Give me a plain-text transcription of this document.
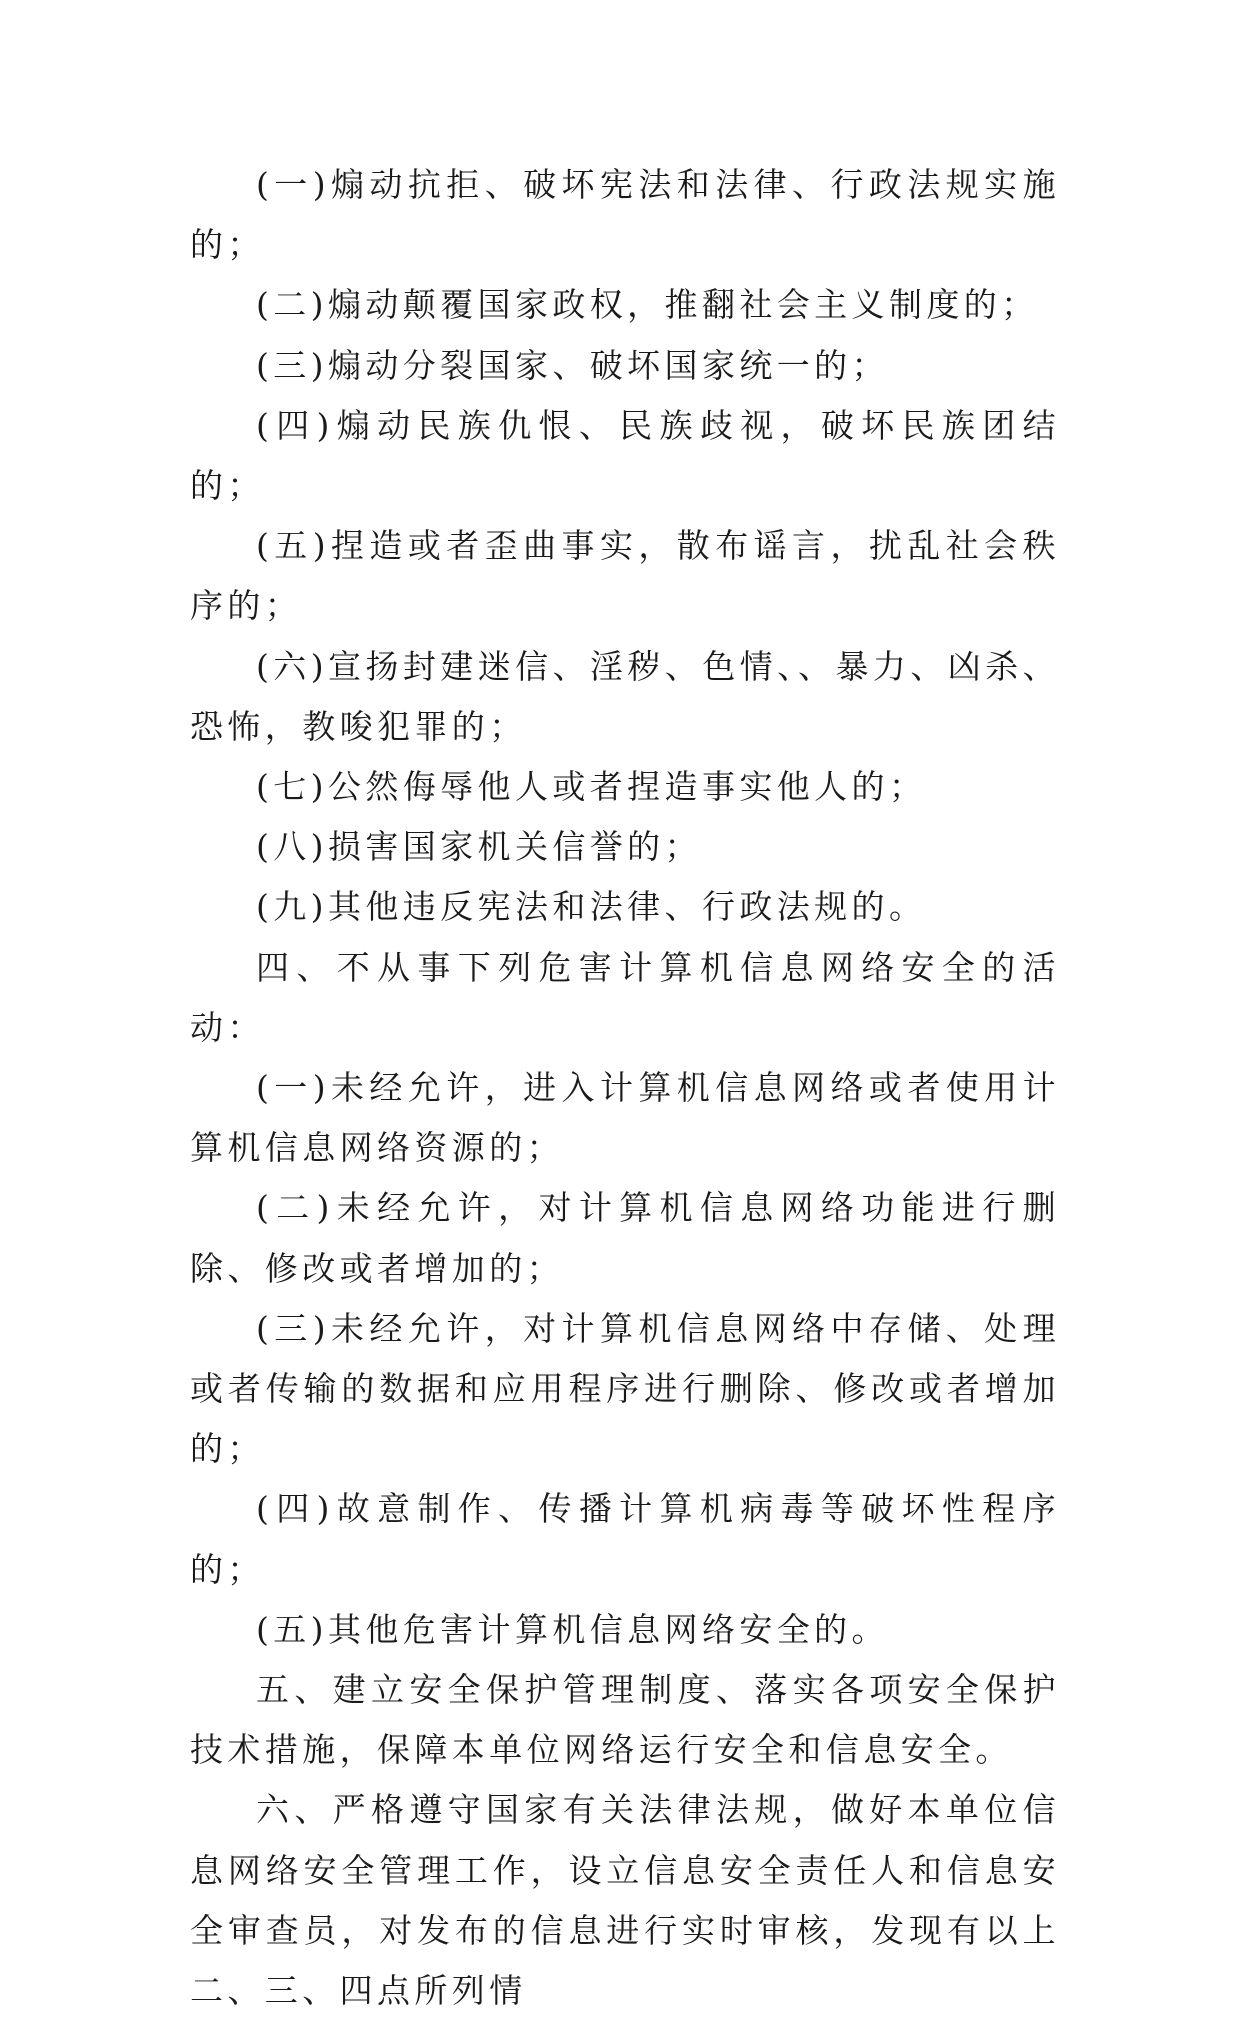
(一)煽动抗拒、破坏宪法和法律、行政法规实施的；

(二)煽动颠覆国家政权，推翻社会主义制度的；

(三)煽动分裂国家、破坏国家统一的；

(四)煽动民族仇恨、民族歧视，破坏民族团结的；

(五)捏造或者歪曲事实，散布谣言，扰乱社会秩序的；

(六)宣扬封建迷信、淫秽、色情、、暴力、凶杀、恐怖，教唆犯罪的；

(七)公然侮辱他人或者捏造事实他人的；

(八)损害国家机关信誉的；

(九)其他违反宪法和法律、行政法规的。

四、不从事下列危害计算机信息网络安全的活动：

(一)未经允许，进入计算机信息网络或者使用计算机信息网络资源的；

(二)未经允许，对计算机信息网络功能进行删除、修改或者增加的；

(三)未经允许，对计算机信息网络中存储、处理或者传输的数据和应用程序进行删除、修改或者增加的；

(四)故意制作、传播计算机病毒等破坏性程序的；

(五)其他危害计算机信息网络安全的。

五、建立安全保护管理制度、落实各项安全保护技术措施，保障本单位网络运行安全和信息安全。

六、严格遵守国家有关法律法规，做好本单位信息网络安全管理工作，设立信息安全责任人和信息安全审查员，对发布的信息进行实时审核，发现有以上二、三、四点所列情
